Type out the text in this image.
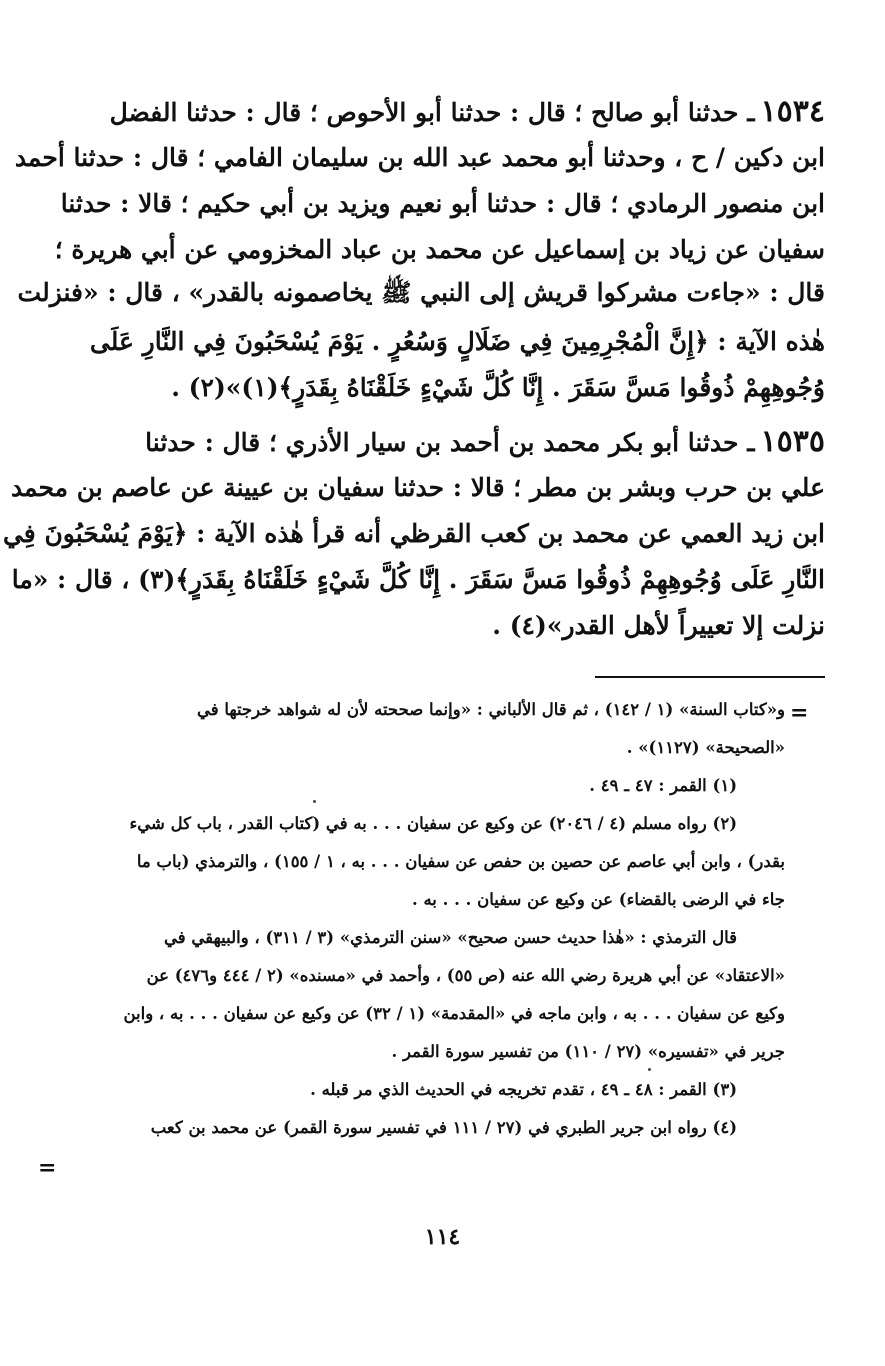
١٥٣٤ـ حدثنا أبو صالح ؛ قال : حدثنا أبو الأحوص ؛ قال : حدثنا الفضل
ابن دكين / ح ، وحدثنا أبو محمد عبد الله بن سليمان الفامي ؛ قال : حدثنا أحمد
ابن منصور الرمادي ؛ قال : حدثنا أبو نعيم ويزيد بن أبي حكيم ؛ قالا : حدثنا
سفيان عن زياد بن إسماعيل عن محمد بن عباد المخزومي عن أبي هريرة ؛
قال : «جاءت مشركوا قريش إلى النبي ﷺ يخاصمونه بالقدر» ، قال : «فنزلت
هٰذه الآية : ﴿إِنَّ الْمُجْرِمِينَ فِي ضَلَالٍ وَسُعُرٍ . يَوْمَ يُسْحَبُونَ فِي النَّارِ عَلَى
وُجُوهِهِمْ ذُوقُوا مَسَّ سَقَرَ . إِنَّا كُلَّ شَيْءٍ خَلَقْنَاهُ بِقَدَرٍ﴾(١)»(٢) .
١٥٣٥ـ حدثنا أبو بكر محمد بن أحمد بن سيار الأذري ؛ قال : حدثنا
علي بن حرب وبشر بن مطر ؛ قالا : حدثنا سفيان بن عيينة عن عاصم بن محمد
ابن زيد العمي عن محمد بن كعب القرظي أنه قرأ هٰذه الآية : ﴿يَوْمَ يُسْحَبُونَ فِي
النَّارِ عَلَى وُجُوهِهِمْ ذُوقُوا مَسَّ سَقَرَ . إِنَّا كُلَّ شَيْءٍ خَلَقْنَاهُ بِقَدَرٍ﴾(٣) ، قال : «ما
نزلت إلا تعييراً لأهل القدر»(٤) .
=
و«كتاب السنة» (١ / ١٤٢) ، ثم قال الألباني : «وإنما صححته لأن له شواهد خرجتها في
«الصحيحة» (١١٢٧)» .
(١) القمر : ٤٧ ـ ٤٩ .
(٢) رواه مسلم (٤ / ٢٠٤٦) عن وكيع عن سفيان . . . به في (كتاب القدر ، باب كل شيء
بقدر) ، وابن أبي عاصم عن حصين بن حفص عن سفيان . . . به ، ١ / ١٥٥) ، والترمذي (باب ما
جاء في الرضى بالقضاء) عن وكيع عن سفيان . . . به .
قال الترمذي : «هٰذا حديث حسن صحيح» «سنن الترمذي» (٣ / ٣١١) ، والبيهقي في
«الاعتقاد» عن أبي هريرة رضي الله عنه (ص ٥٥) ، وأحمد في «مسنده» (٢ / ٤٤٤ و٤٧٦) عن
وكيع عن سفيان . . . به ، وابن ماجه في «المقدمة» (١ / ٣٢) عن وكيع عن سفيان . . . به ، وابن
جرير في «تفسيره» (٢٧ / ١١٠) من تفسير سورة القمر .
(٣) القمر : ٤٨ ـ ٤٩ ، تقدم تخريجه في الحديث الذي مر قبله .
(٤) رواه ابن جرير الطبري في (٢٧ / ١١١ في تفسير سورة القمر) عن محمد بن كعب
=
١١٤
